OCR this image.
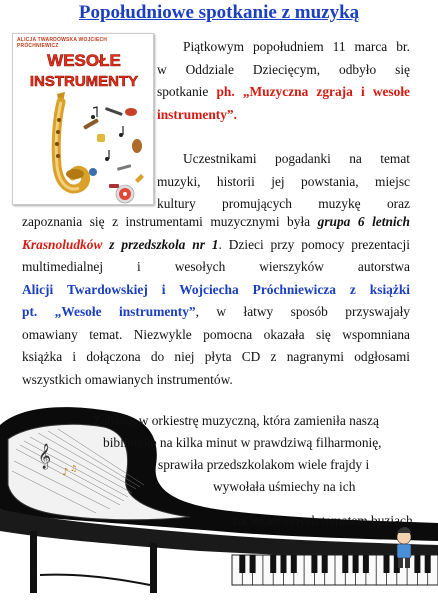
Popołudniowe spotkanie z muzyką
ALICJA TWARDOWSKA WOJCIECH PRÓCHNIEWICZ
WESOŁE
INSTRUMENTY
Piątkowym popołudniem 11 marca br.
w Oddziale Dziecięcym, odbyło się
spotkanie ph. „Muzyczna zgraja i wesołe
instrumenty”.
Uczestnikami pogadanki na temat
muzyki, historii jej powstania, miejsc
kultury promujących muzykę oraz
zapoznania się z instrumentami muzycznymi była grupa 6 letnich
Krasnoludków z przedszkola nr 1. Dzieci przy pomocy prezentacji
multimedialnej i wesołych wierszyków autorstwa
Alicji Twardowskiej i Wojciecha Próchniewicza z książki
pt. „Wesołe instrumenty”, w łatwy sposób przyswajały
omawiany temat. Niezwykle pomocna okazała się wspomniana
książka i dołączona do niej płyta CD z nagranymi odgłosami
wszystkich omawianych instrumentów.
𝄞
♪ ♫
Zabawa w orkiestrę muzyczną, która zamieniła naszą
bibliotekę na kilka minut w prawdziwą filharmonię,
sprawiła przedszkolakom wiele frajdy i
wywołała uśmiechy na ich
zaciekawionych tematem buziach.
